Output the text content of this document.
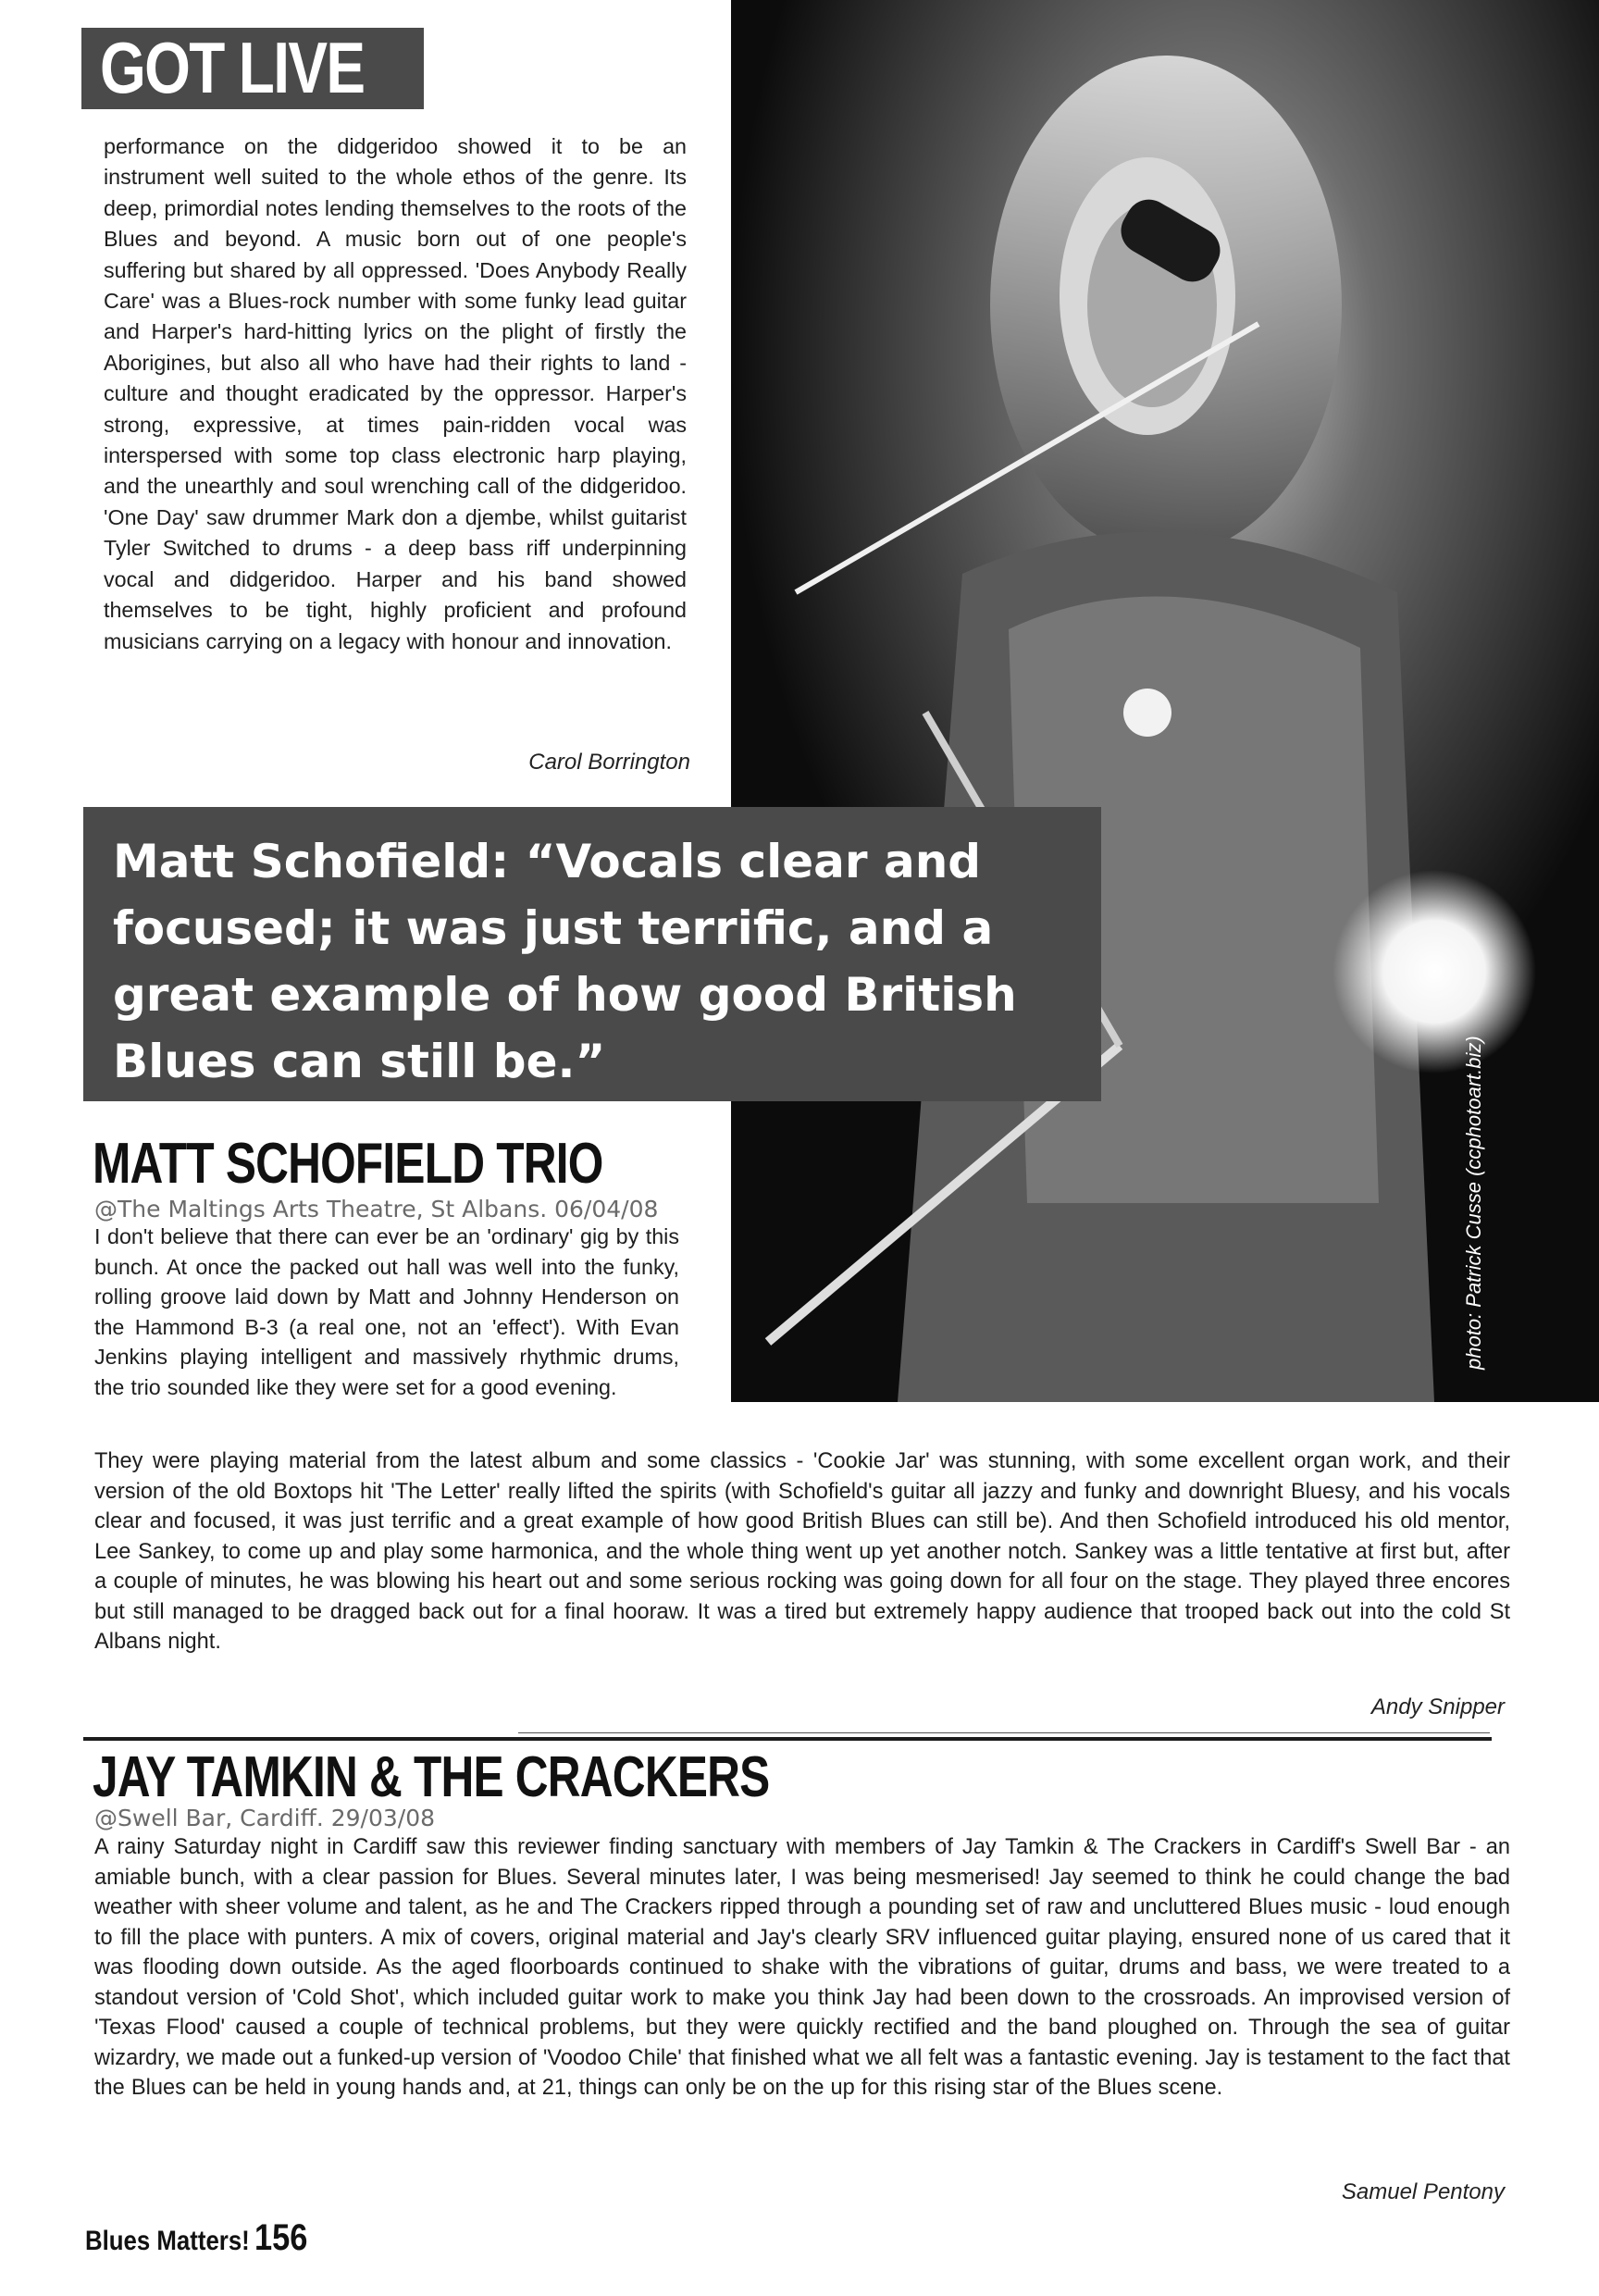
GOT LIVE
photo: Patrick Cusse (ccphotoart.biz)
performance on the didgeridoo showed it to be an instrument well suited to the whole ethos of the genre. Its deep, primordial notes lending themselves to the roots of the Blues and beyond. A music born out of one people's suffering but shared by all oppressed. 'Does Anybody Really Care' was a Blues-rock number with some funky lead guitar and Harper's hard-hitting lyrics on the plight of firstly the Aborigines, but also all who have had their rights to land - culture and thought eradicated by the oppressor. Harper's strong, expressive, at times pain-ridden vocal was interspersed with some top class electronic harp playing, and the unearthly and soul wrenching call of the didgeridoo. 'One Day' saw drummer Mark don a djembe, whilst guitarist Tyler Switched to drums - a deep bass riff underpinning vocal and didgeridoo. Harper and his band showed themselves to be tight, highly proficient and profound musicians carrying on a legacy with honour and innovation.
Carol Borrington
Matt Schofield: “Vocals clear and focused; it was just terrific, and a great example of how good British Blues can still be.”
MATT SCHOFIELD TRIO
@The Maltings Arts Theatre, St Albans. 06/04/08
I don't believe that there can ever be an 'ordinary' gig by this bunch. At once the packed out hall was well into the funky, rolling groove laid down by Matt and Johnny Henderson on the Hammond B-3 (a real one, not an 'effect'). With Evan Jenkins playing intelligent and massively rhythmic drums, the trio sounded like they were set for a good evening.
They were playing material from the latest album and some classics - 'Cookie Jar' was stunning, with some excellent organ work, and their version of the old Boxtops hit 'The Letter' really lifted the spirits (with Schofield's guitar all jazzy and funky and downright Bluesy, and his vocals clear and focused, it was just terrific and a great example of how good British Blues can still be). And then Schofield introduced his old mentor, Lee Sankey, to come up and play some harmonica, and the whole thing went up yet another notch. Sankey was a little tentative at first but, after a couple of minutes, he was blowing his heart out and some serious rocking was going down for all four on the stage. They played three encores but still managed to be dragged back out for a final hooraw. It was a tired but extremely happy audience that trooped back out into the cold St Albans night.
Andy Snipper
JAY TAMKIN & THE CRACKERS
@Swell Bar, Cardiff. 29/03/08
A rainy Saturday night in Cardiff saw this reviewer finding sanctuary with members of Jay Tamkin & The Crackers in Cardiff's Swell Bar - an amiable bunch, with a clear passion for Blues. Several minutes later, I was being mesmerised! Jay seemed to think he could change the bad weather with sheer volume and talent, as he and The Crackers ripped through a pounding set of raw and uncluttered Blues music - loud enough to fill the place with punters. A mix of covers, original material and Jay's clearly SRV influenced guitar playing, ensured none of us cared that it was flooding down outside. As the aged floorboards continued to shake with the vibrations of guitar, drums and bass, we were treated to a standout version of 'Cold Shot', which included guitar work to make you think Jay had been down to the crossroads. An improvised version of 'Texas Flood' caused a couple of technical problems, but they were quickly rectified and the band ploughed on. Through the sea of guitar wizardry, we made out a funked-up version of 'Voodoo Chile' that finished what we all felt was a fantastic evening. Jay is testament to the fact that the Blues can be held in young hands and, at 21, things can only be on the up for this rising star of the Blues scene.
Samuel Pentony
Blues Matters! 156
